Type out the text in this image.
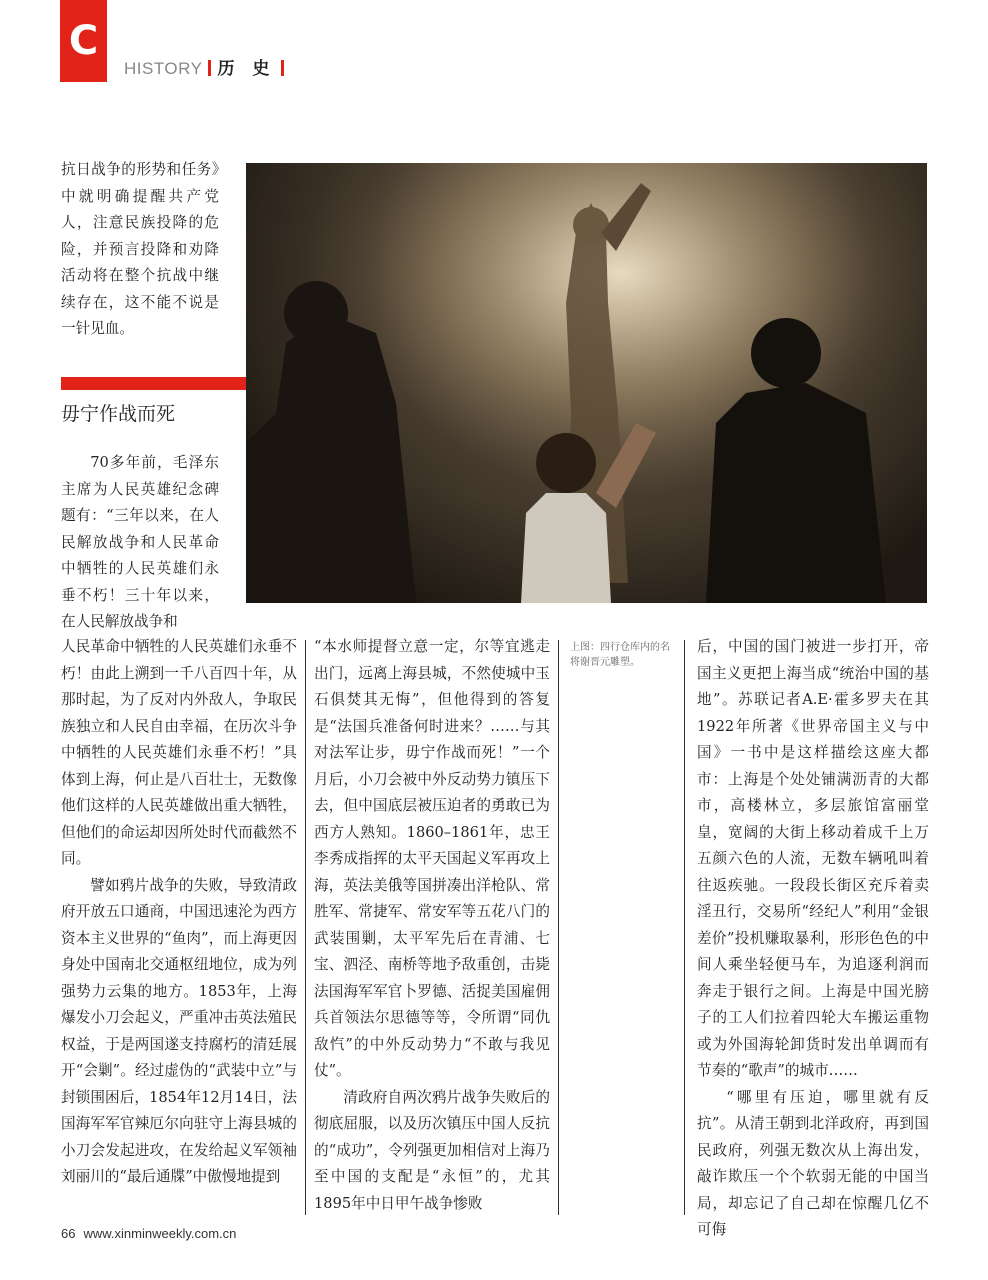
C
HISTORY 历 史

抗日战争的形势和任务》中就明确提醒共产党人，注意民族投降的危险，并预言投降和劝降活动将在整个抗战中继续存在，这不能不说是一针见血。

毋宁作战而死

70多年前，毛泽东主席为人民英雄纪念碑题有：“三年以来，在人民解放战争和人民革命中牺牲的人民英雄们永垂不朽！三十年以来，在人民解放战争和

上图：四行仓库内的名将谢晋元雕塑。

人民革命中牺牲的人民英雄们永垂不朽！由此上溯到一千八百四十年，从那时起，为了反对内外敌人，争取民族独立和人民自由幸福，在历次斗争中牺牲的人民英雄们永垂不朽！”具体到上海，何止是八百壮士，无数像他们这样的人民英雄做出重大牺牲，但他们的命运却因所处时代而截然不同。

譬如鸦片战争的失败，导致清政府开放五口通商，中国迅速沦为西方资本主义世界的“鱼肉”，而上海更因身处中国南北交通枢纽地位，成为列强势力云集的地方。1853年，上海爆发小刀会起义，严重冲击英法殖民权益，于是两国遂支持腐朽的清廷展开“会剿”。经过虚伪的“武装中立”与封锁围困后，1854年12月14日，法国海军军官辣厄尔向驻守上海县城的小刀会发起进攻，在发给起义军领袖刘丽川的“最后通牒”中傲慢地提到

“本水师提督立意一定，尔等宜逃走出门，远离上海县城，不然使城中玉石俱焚其无悔”，但他得到的答复是“法国兵准备何时进来？……与其对法军让步，毋宁作战而死！”一个月后，小刀会被中外反动势力镇压下去，但中国底层被压迫者的勇敢已为西方人熟知。1860–1861年，忠王李秀成指挥的太平天国起义军再攻上海，英法美俄等国拼凑出洋枪队、常胜军、常捷军、常安军等五花八门的武装围剿，太平军先后在青浦、七宝、泗泾、南桥等地予敌重创，击毙法国海军军官卜罗德、活捉美国雇佣兵首领法尔思德等等，令所谓“同仇敌忾”的中外反动势力“不敢与我见仗”。

清政府自两次鸦片战争失败后的彻底屈服，以及历次镇压中国人反抗的“成功”，令列强更加相信对上海乃至中国的支配是“永恒”的，尤其1895年中日甲午战争惨败

后，中国的国门被进一步打开，帝国主义更把上海当成“统治中国的基地”。苏联记者A.E·霍多罗夫在其1922年所著《世界帝国主义与中国》一书中是这样描绘这座大都市：上海是个处处铺满沥青的大都市，高楼林立，多层旅馆富丽堂皇，宽阔的大街上移动着成千上万五颜六色的人流，无数车辆吼叫着往返疾驰。一段段长街区充斥着卖淫丑行，交易所“经纪人”利用“金银差价”投机赚取暴利，形形色色的中间人乘坐轻便马车，为追逐利润而奔走于银行之间。上海是中国光膀子的工人们拉着四轮大车搬运重物或为外国海轮卸货时发出单调而有节奏的“歌声”的城市……

“哪里有压迫，哪里就有反抗”。从清王朝到北洋政府，再到国民政府，列强无数次从上海出发，敲诈欺压一个个软弱无能的中国当局，却忘记了自己却在惊醒几亿不可侮

66 www.xinminweekly.com.cn
